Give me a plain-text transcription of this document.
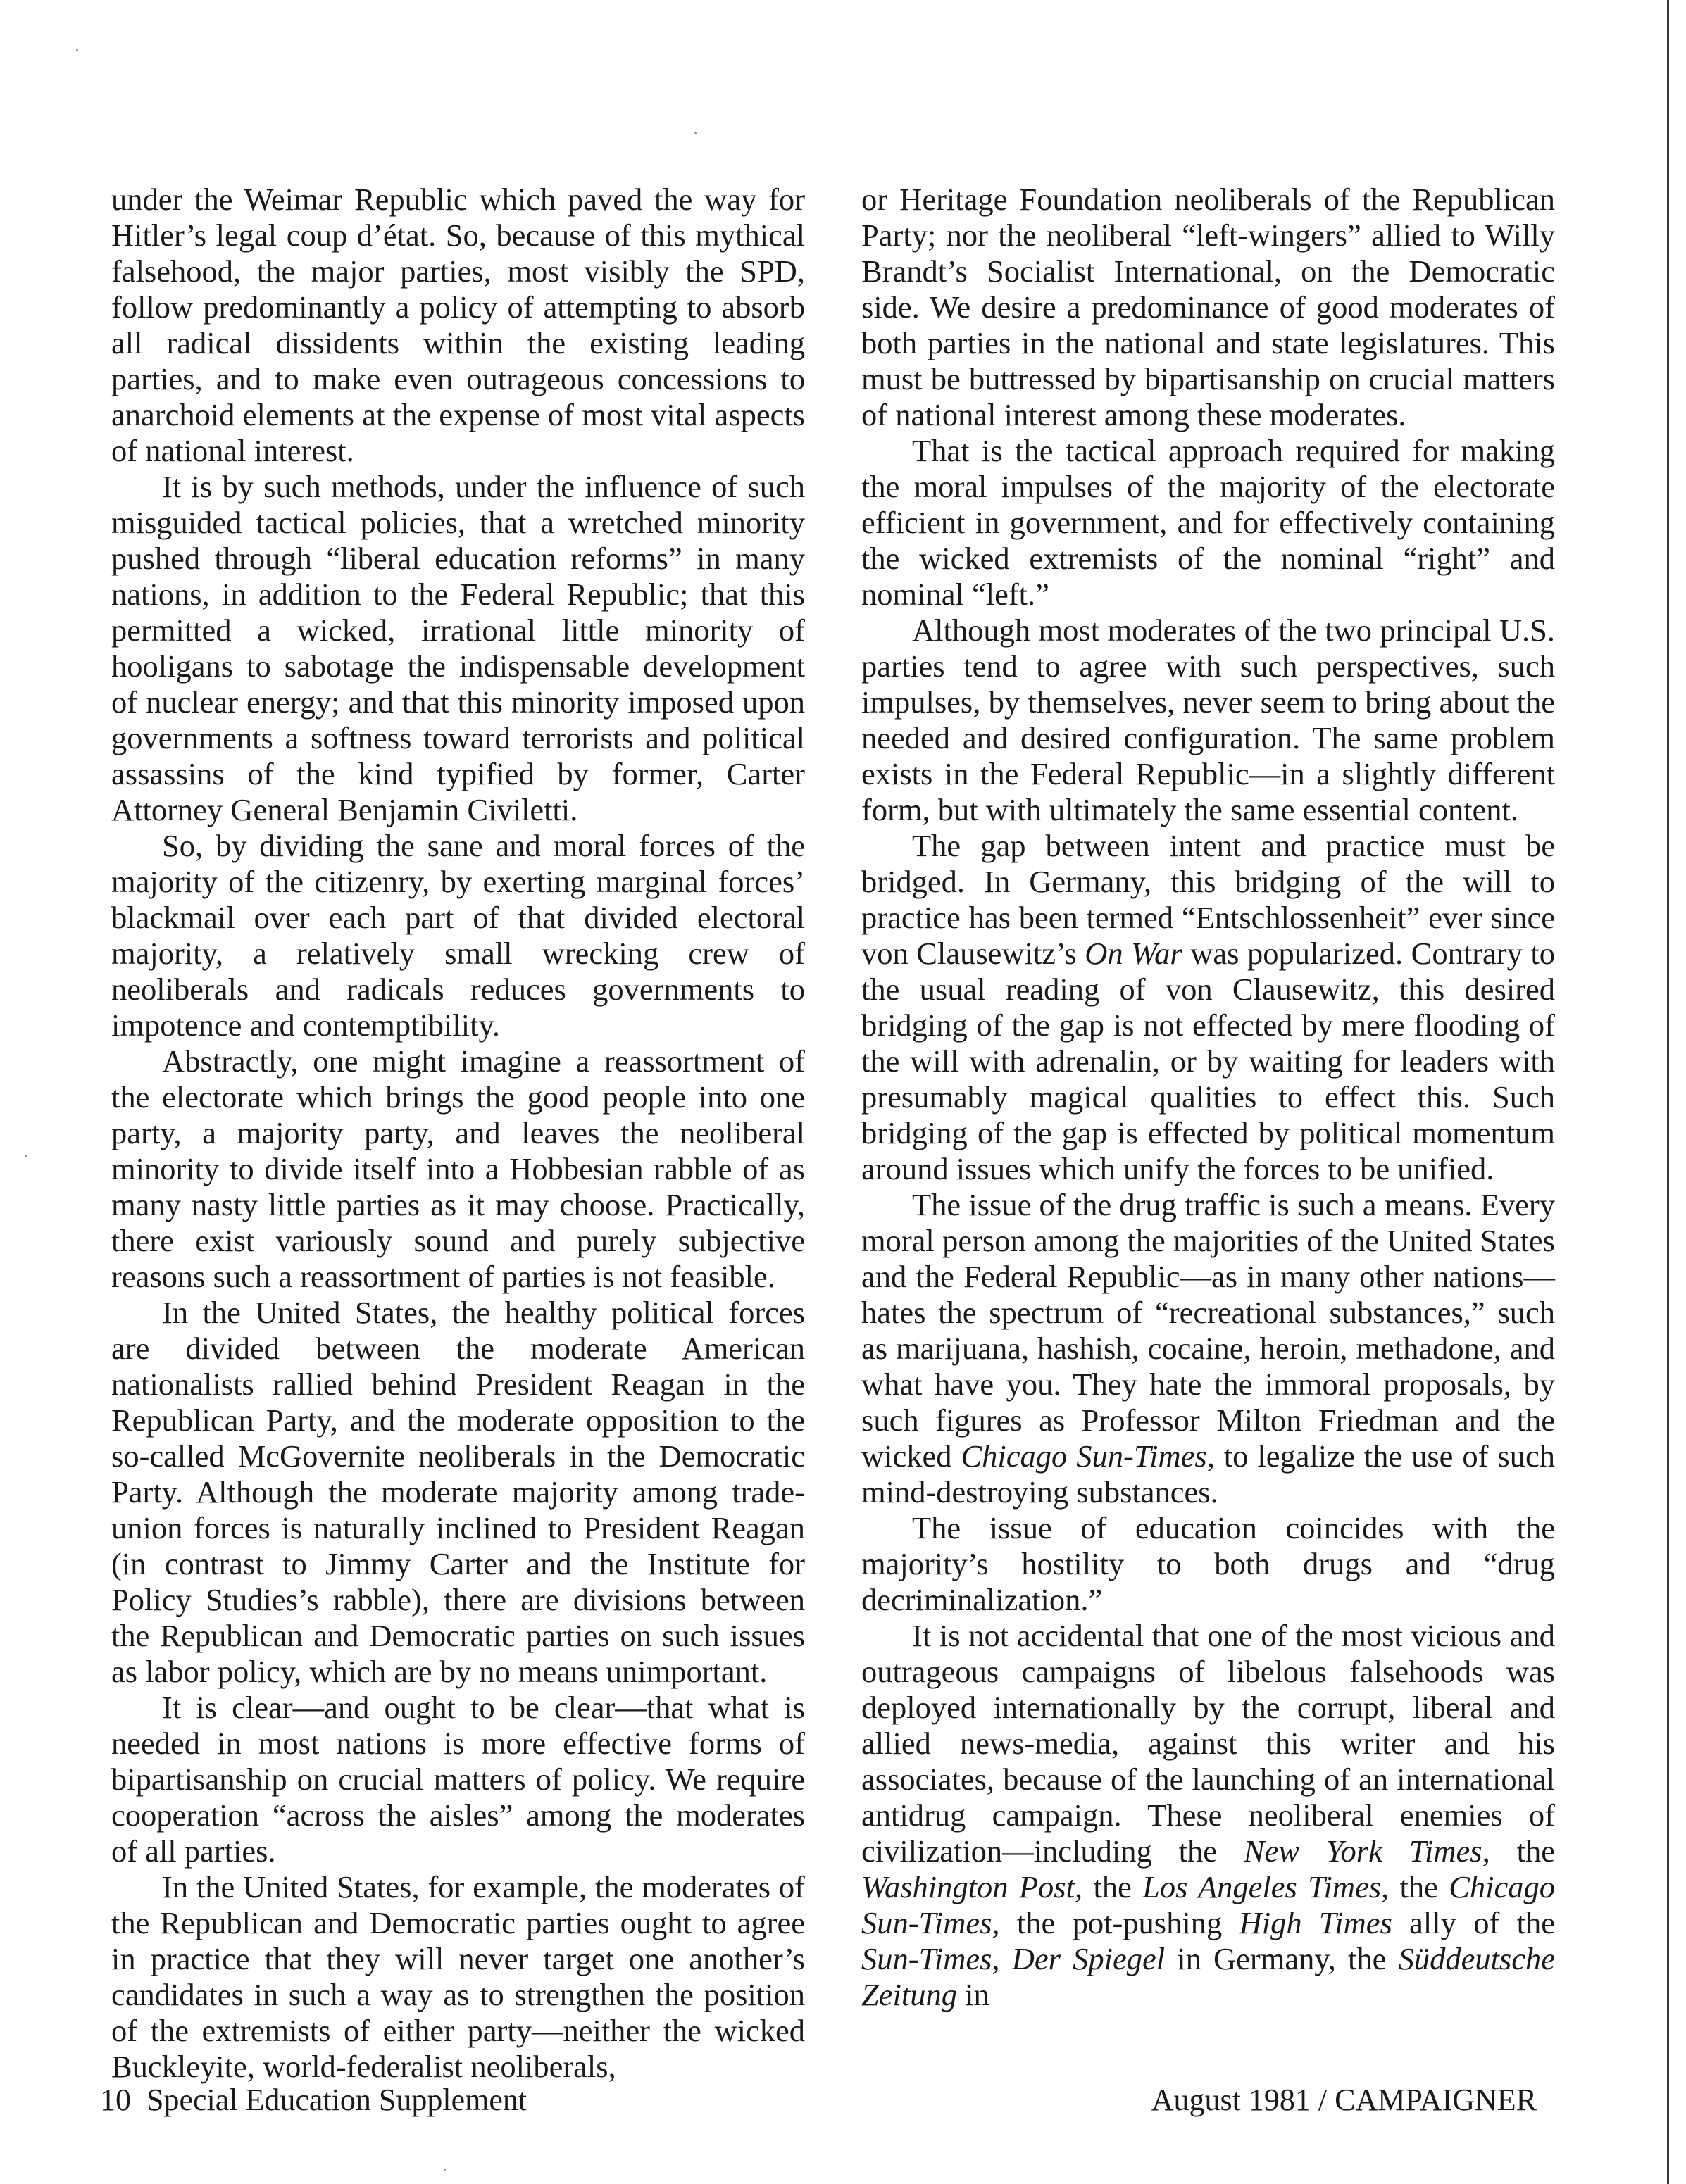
under the Weimar Republic which paved the way for Hitler’s legal coup d’état. So, because of this mythical falsehood, the major parties, most visibly the SPD, follow predominantly a policy of attempting to absorb all radical dissidents within the existing leading parties, and to make even outrageous concessions to anarchoid elements at the expense of most vital aspects of national interest.

It is by such methods, under the influence of such misguided tactical policies, that a wretched minority pushed through “liberal education reforms” in many nations, in addition to the Federal Republic; that this permitted a wicked, irrational little minority of hooligans to sabotage the indispensable development of nuclear energy; and that this minority imposed upon governments a softness toward terrorists and political assassins of the kind typified by former, Carter Attorney General Benjamin Civiletti.

So, by dividing the sane and moral forces of the majority of the citizenry, by exerting marginal forces’ blackmail over each part of that divided electoral majority, a relatively small wrecking crew of neoliberals and radicals reduces governments to impotence and contemptibility.

Abstractly, one might imagine a reassortment of the electorate which brings the good people into one party, a majority party, and leaves the neoliberal minority to divide itself into a Hobbesian rabble of as many nasty little parties as it may choose. Practically, there exist variously sound and purely subjective reasons such a reassortment of parties is not feasible.

In the United States, the healthy political forces are divided between the moderate American nationalists rallied behind President Reagan in the Republican Party, and the moderate opposition to the so-called McGovernite neoliberals in the Democratic Party. Although the moderate majority among trade-union forces is naturally inclined to President Reagan (in contrast to Jimmy Carter and the Institute for Policy Studies’s rabble), there are divisions between the Republican and Democratic parties on such issues as labor policy, which are by no means unimportant.

It is clear—and ought to be clear—that what is needed in most nations is more effective forms of bipartisanship on crucial matters of policy. We require cooperation “across the aisles” among the moderates of all parties.

In the United States, for example, the moderates of the Republican and Democratic parties ought to agree in practice that they will never target one another’s candidates in such a way as to strengthen the position of the extremists of either party—neither the wicked Buckleyite, world-federalist neoliberals,

or Heritage Foundation neoliberals of the Republican Party; nor the neoliberal “left-wingers” allied to Willy Brandt’s Socialist International, on the Democratic side. We desire a predominance of good moderates of both parties in the national and state legislatures. This must be buttressed by bipartisanship on crucial matters of national interest among these moderates.

That is the tactical approach required for making the moral impulses of the majority of the electorate efficient in government, and for effectively containing the wicked extremists of the nominal “right” and nominal “left.”

Although most moderates of the two principal U.S. parties tend to agree with such perspectives, such impulses, by themselves, never seem to bring about the needed and desired configuration. The same problem exists in the Federal Republic—in a slightly different form, but with ultimately the same essential content.

The gap between intent and practice must be bridged. In Germany, this bridging of the will to practice has been termed “Entschlossenheit” ever since von Clausewitz’s On War was popularized. Contrary to the usual reading of von Clausewitz, this desired bridging of the gap is not effected by mere flooding of the will with adrenalin, or by waiting for leaders with presumably magical qualities to effect this. Such bridging of the gap is effected by political momentum around issues which unify the forces to be unified.

The issue of the drug traffic is such a means. Every moral person among the majorities of the United States and the Federal Republic—as in many other nations—hates the spectrum of “recreational substances,” such as marijuana, hashish, cocaine, heroin, methadone, and what have you. They hate the immoral proposals, by such figures as Professor Milton Friedman and the wicked Chicago Sun-Times, to legalize the use of such mind-destroying substances.

The issue of education coincides with the majority’s hostility to both drugs and “drug decriminalization.”

It is not accidental that one of the most vicious and outrageous campaigns of libelous falsehoods was deployed internationally by the corrupt, liberal and allied news-media, against this writer and his associates, because of the launching of an international antidrug campaign. These neoliberal enemies of civilization—including the New York Times, the Washington Post, the Los Angeles Times, the Chicago Sun-Times, the pot-pushing High Times ally of the Sun-Times, Der Spiegel in Germany, the Süddeutsche Zeitung in

10 Special Education Supplement	August 1981 / CAMPAIGNER
